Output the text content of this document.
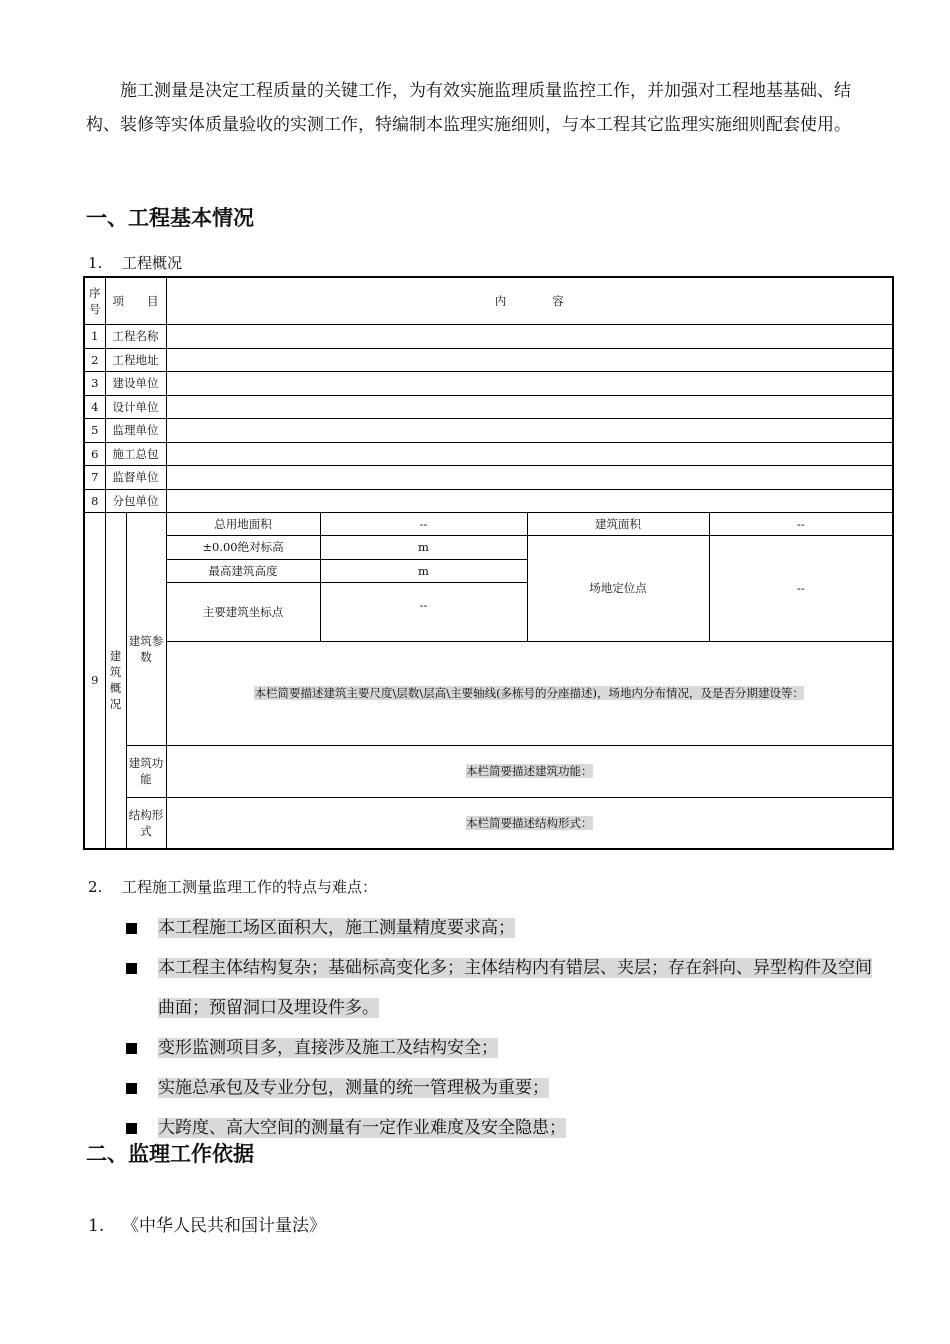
施工测量是决定工程质量的关键工作，为有效实施监理质量监控工作，并加强对工程地基基础、结构、装修等实体质量验收的实测工作，特编制本监理实施细则，与本工程其它监理实施细则配套使用。

一、工程基本情况

1. 工程概况

序号	项　　目		内　　　　容			
1	工程名称					
2	工程地址					
3	建设单位					
4	设计单位					
5	监理单位					
6	施工总包					
7	监督单位					
8	分包单位					
9	建筑概况	建筑参数	总用地面积	--	建筑面积	--
			±0.00绝对标高	m	场地定位点	--
			最高建筑高度	m		
			主要建筑坐标点	--		
			本栏简要描述建筑主要尺度\层数\层高\主要轴线(多栋号的分座描述)，场地内分布情况，及是否分期建设等：			
		建筑功能	本栏简要描述建筑功能：			
		结构形式	本栏简要描述结构形式：			

2. 工程施工测量监理工作的特点与难点：

本工程施工场区面积大，施工测量精度要求高；
本工程主体结构复杂；基础标高变化多；主体结构内有错层、夹层；存在斜向、异型构件及空间曲面；预留洞口及埋设件多。
变形监测项目多，直接涉及施工及结构安全；
实施总承包及专业分包，测量的统一管理极为重要；
大跨度、高大空间的测量有一定作业难度及安全隐患；
二、监理工作依据

1. 《中华人民共和国计量法》
